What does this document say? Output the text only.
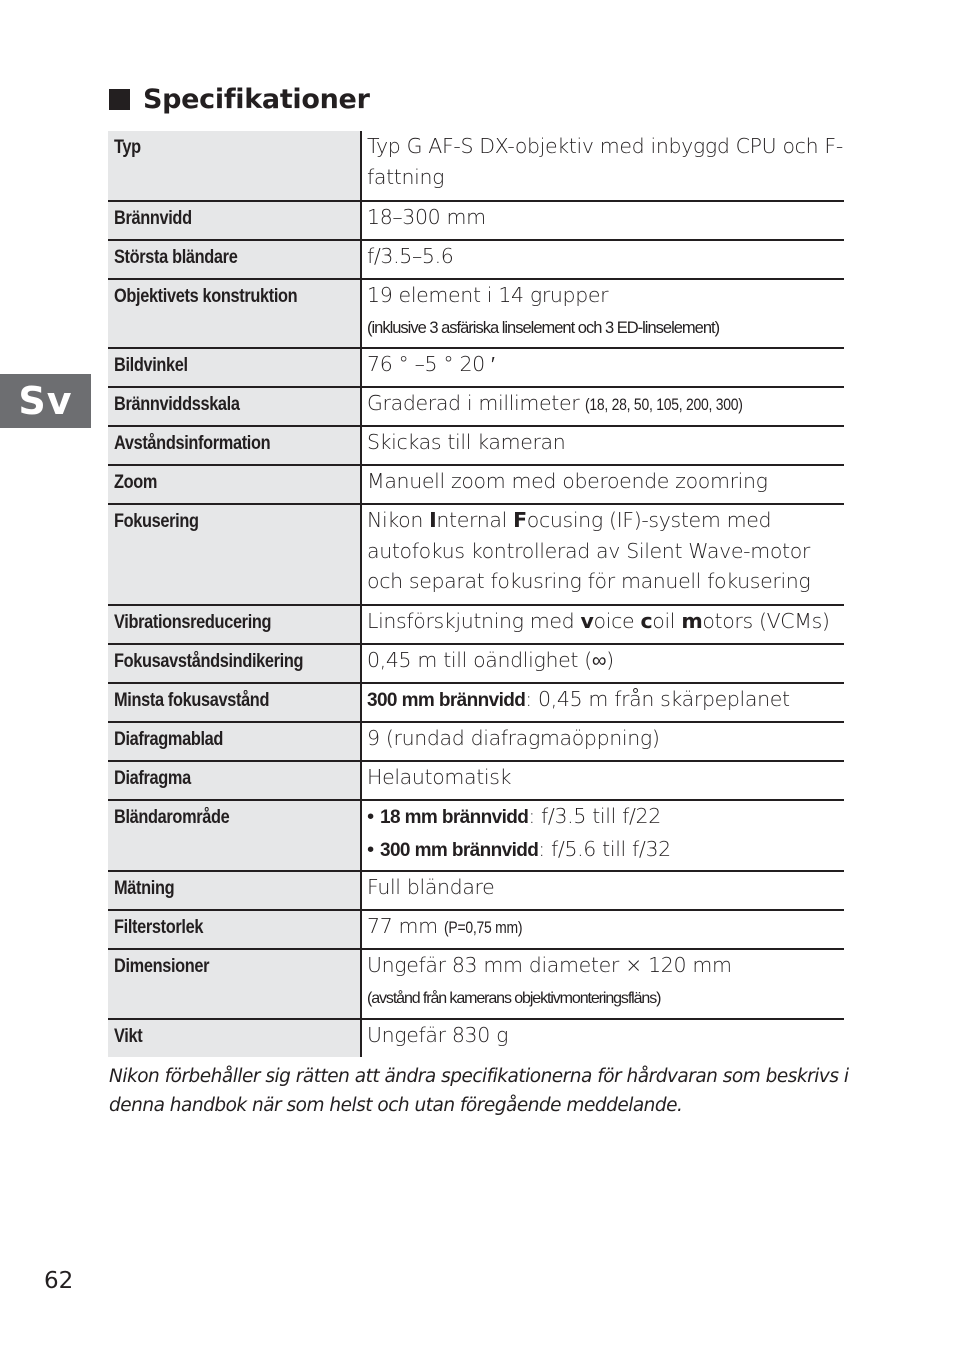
Specifikationer
Sv
Typ	Typ G AF-S DX-objektiv med inbyggd CPU och F-fattning
Brännvidd	18–300 mm
Största bländare	f/3.5–5.6
Objektivets konstruktion	19 element i 14 grupper (inklusive 3 asfäriska linselement och 3 ED-linselement)
Bildvinkel	76 ° –5 ° 20 ′
Brännviddsskala	Graderad i millimeter (18, 28, 50, 105, 200, 300)
Avståndsinformation	Skickas till kameran
Zoom	Manuell zoom med oberoende zoomring
Fokusering	Nikon Internal Focusing (IF)-system med autofokus kontrollerad av Silent Wave-motor och separat fokusring för manuell fokusering
Vibrationsreducering	Linsförskjutning med voice coil motors (VCMs)
Fokusavståndsindikering	0,45 m till oändlighet (∞)
Minsta fokusavstånd	300 mm brännvidd: 0,45 m från skärpeplanet
Diafragmablad	9 (rundad diafragmaöppning)
Diafragma	Helautomatisk
Bländarområde	• 18 mm brännvidd: f/3.5 till f/22
• 300 mm brännvidd: f/5.6 till f/32

Mätning	Full bländare
Filterstorlek	77 mm (P=0,75 mm)
Dimensioner	Ungefär 83 mm diameter × 120 mm (avstånd från kamerans objektivmonteringsfläns)
Vikt	Ungefär 830 g
Nikon förbehåller sig rätten att ändra specifikationerna för hårdvaran som beskrivs i denna handbok när som helst och utan föregående meddelande.
62
